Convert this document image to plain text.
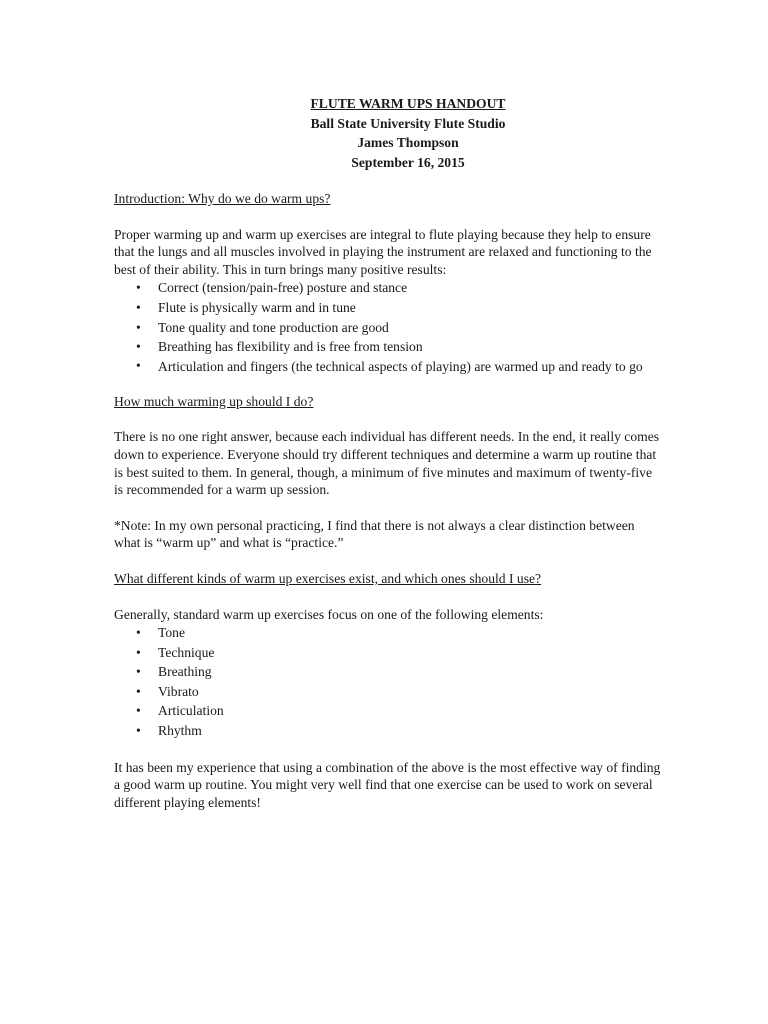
FLUTE WARM UPS HANDOUT
Ball State University Flute Studio
James Thompson
September 16, 2015

Introduction: Why do we do warm ups?

Proper warming up and warm up exercises are integral to flute playing because they help to ensure that the lungs and all muscles involved in playing the instrument are relaxed and functioning to the best of their ability. This in turn brings many positive results:

• Correct (tension/pain-free) posture and stance
• Flute is physically warm and in tune
• Tone quality and tone production are good
• Breathing has flexibility and is free from tension
• Articulation and fingers (the technical aspects of playing) are warmed up and ready to go

How much warming up should I do?

There is no one right answer, because each individual has different needs. In the end, it really comes down to experience. Everyone should try different techniques and determine a warm up routine that is best suited to them. In general, though, a minimum of five minutes and maximum of twenty-five is recommended for a warm up session.

*Note: In my own personal practicing, I find that there is not always a clear distinction between what is “warm up” and what is “practice.”

What different kinds of warm up exercises exist, and which ones should I use?

Generally, standard warm up exercises focus on one of the following elements:

• Tone
• Technique
• Breathing
• Vibrato
• Articulation
• Rhythm

It has been my experience that using a combination of the above is the most effective way of finding a good warm up routine. You might very well find that one exercise can be used to work on several different playing elements!
